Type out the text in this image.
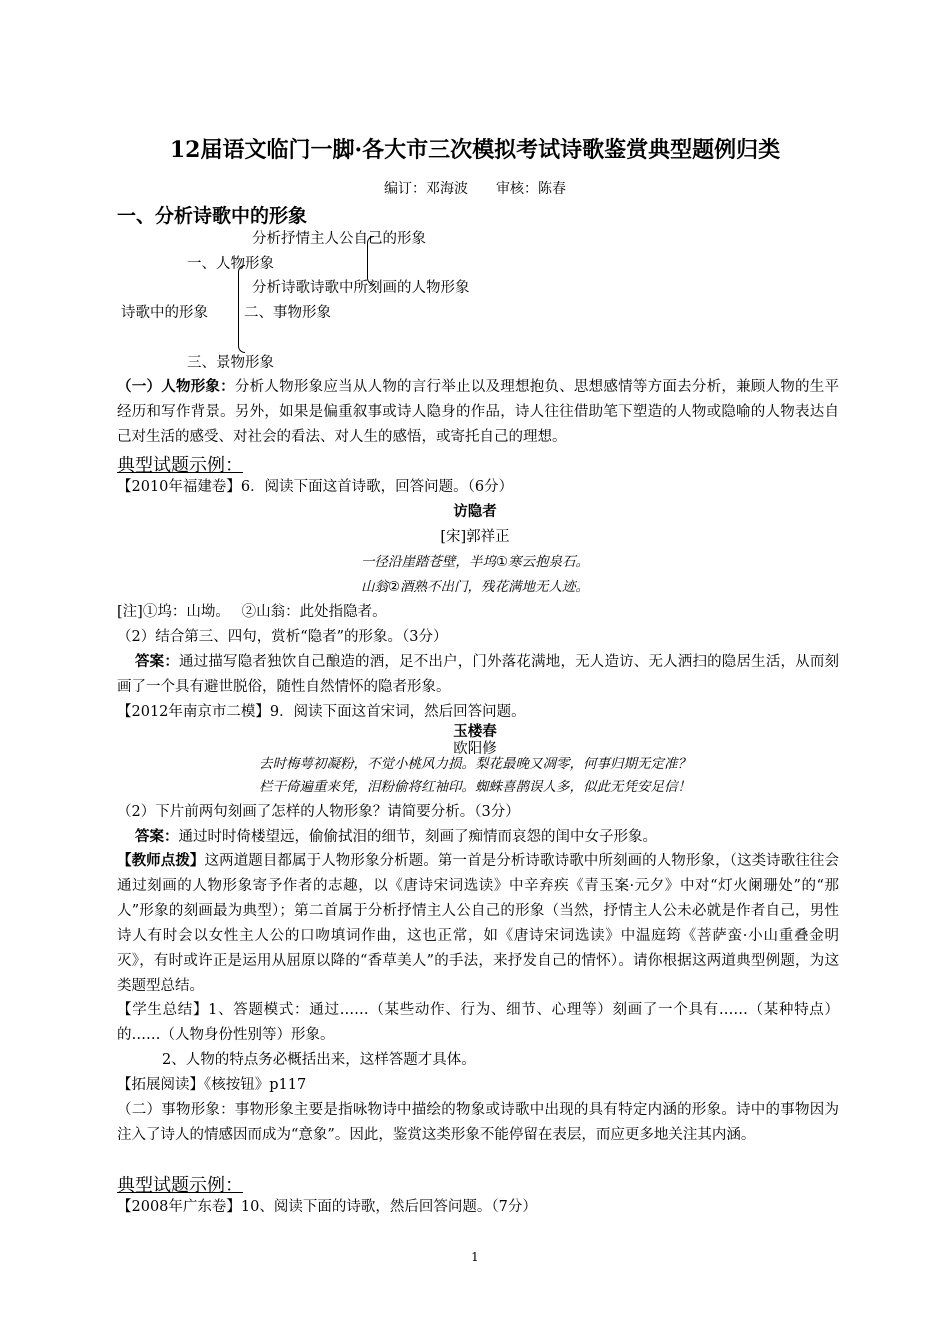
12届语文临门一脚·各大市三次模拟考试诗歌鉴赏典型题例归类
编订：邓海波　　审核：陈春
一、分析诗歌中的形象
分析抒情主人公自己的形象
一、人物形象
分析诗歌诗歌中所刻画的人物形象
诗歌中的形象 二、事物形象
三、景物形象
（一）人物形象：分析人物形象应当从人物的言行举止以及理想抱负、思想感情等方面去分析，兼顾人物的生平经历和写作背景。另外，如果是偏重叙事或诗人隐身的作品，诗人往往借助笔下塑造的人物或隐喻的人物表达自己对生活的感受、对社会的看法、对人生的感悟，或寄托自己的理想。
典型试题示例：
【2010年福建卷】6．阅读下面这首诗歌，回答问题。（6分）
访隐者
[宋]郭祥正
一径沿崖踏苍壁，半坞①寒云抱泉石。
山翁②酒熟不出门，残花满地无人迹。
[注]①坞：山坳。　 ②山翁：此处指隐者。
（2）结合第三、四句，赏析“隐者”的形象。（3分）
答案：通过描写隐者独饮自己酿造的酒，足不出户，门外落花满地，无人造访、无人洒扫的隐居生活，从而刻画了一个具有避世脱俗，随性自然情怀的隐者形象。
【2012年南京市二模】9．阅读下面这首宋词，然后回答问题。
玉楼春
欧阳修
去时梅萼初凝粉，不觉小桃风力损。梨花最晚又凋零，何事归期无定准？
栏干倚遍重来凭，泪粉偷将红袖印。蜘蛛喜鹊误人多，似此无凭安足信！
（2）下片前两句刻画了怎样的人物形象？请简要分析。（3分）
答案：通过时时倚楼望远，偷偷拭泪的细节，刻画了痴情而哀怨的闺中女子形象。
【教师点拨】这两道题目都属于人物形象分析题。第一首是分析诗歌诗歌中所刻画的人物形象，（这类诗歌往往会通过刻画的人物形象寄予作者的志趣，以《唐诗宋词选读》中辛弃疾《青玉案·元夕》中对“灯火阑珊处”的“那人”形象的刻画最为典型）；第二首属于分析抒情主人公自己的形象（当然，抒情主人公未必就是作者自己，男性诗人有时会以女性主人公的口吻填词作曲，这也正常，如《唐诗宋词选读》中温庭筠《菩萨蛮·小山重叠金明灭》，有时或许正是运用从屈原以降的“香草美人”的手法，来抒发自己的情怀）。请你根据这两道典型例题，为这类题型总结。
【学生总结】1、答题模式：通过……（某些动作、行为、细节、心理等）刻画了一个具有……（某种特点）的……（人物身份性别等）形象。
2、人物的特点务必概括出来，这样答题才具体。
【拓展阅读】《核按钮》p117
（二）事物形象：事物形象主要是指咏物诗中描绘的物象或诗歌中出现的具有特定内涵的形象。诗中的事物因为注入了诗人的情感因而成为“意象”。因此，鉴赏这类形象不能停留在表层，而应更多地关注其内涵。
典型试题示例：
【2008年广东卷】10、阅读下面的诗歌，然后回答问题。（7分）
1
